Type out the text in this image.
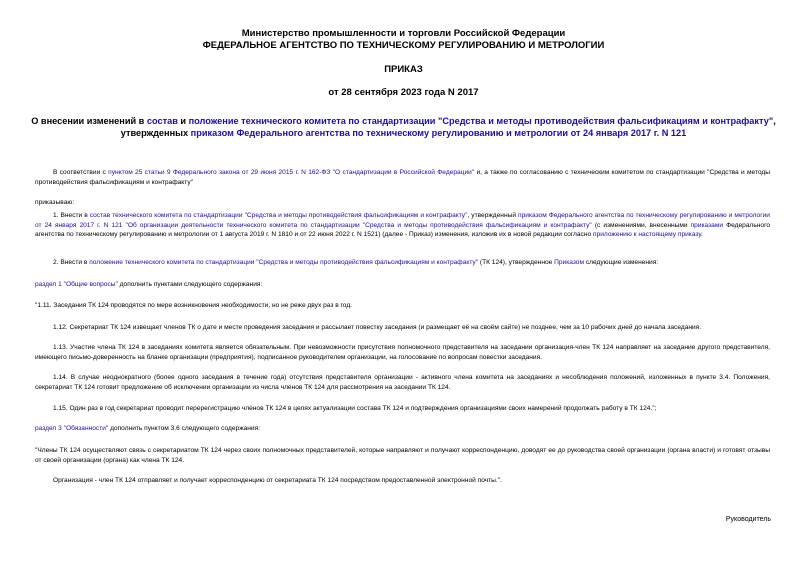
Министерство промышленности и торговли Российской Федерации
ФЕДЕРАЛЬНОЕ АГЕНТСТВО ПО ТЕХНИЧЕСКОМУ РЕГУЛИРОВАНИЮ И МЕТРОЛОГИИ
ПРИКАЗ
от 28 сентября 2023 года N 2017
О внесении изменений в состав и положение технического комитета по стандартизации "Средства и методы противодействия фальсификациям и контрафакту", утвержденных приказом Федерального агентства по техническому регулированию и метрологии от 24 января 2017 г. N 121
В соответствии с пунктом 25 статьи 9 Федерального закона от 29 июня 2015 г. N 162-ФЗ "О стандартизации в Российской Федерации" и, а также по согласованию с техническим комитетом по стандартизации "Средства и методы противодействия фальсификациям и контрафакту"
приказываю:
1. Внести в состав технического комитета по стандартизации "Средства и методы противодействия фальсификациям и контрафакту", утвержденный приказом Федерального агентства по техническому регулированию и метрологии от 24 января 2017 г. N 121 "Об организации деятельности технического комитета по стандартизации "Средства и методы противодействия фальсификациям и контрафакту" (с изменениями, внесенными приказами Федерального агентства по техническому регулированию и метрологии от 1 августа 2019 г. N 1810 и от 22 июня 2022 г. N 1521) (далее - Приказ) изменения, изложив их в новой редакции согласно приложению к настоящему приказу.
2. Внести в положение технического комитета по стандартизации "Средства и методы противодействия фальсификациям и контрафакту" (ТК 124), утвержденное Приказом следующие изменения:
раздел 1 "Общие вопросы" дополнить пунктами следующего содержания:
"1.11. Заседания ТК 124 проводятся по мере возникновения необходимости, но не реже двух раз в год.
1.12. Секретариат ТК 124 извещает членов ТК о дате и месте проведения заседания и рассылает повестку заседания (и размещает её на своём сайте) не позднее, чем за 10 рабочих дней до начала заседания.
1.13. Участие члена ТК 124 в заседаниях комитета является обязательным. При невозможности присутствия полномочного представителя на заседании организация-член ТК 124 направляет на заседание другого представителя, имеющего письмо-доверенность на бланке организации (предприятия), подписанное руководителем организации, на голосование по вопросам повестки заседания.
1.14. В случае неоднократного (более одного заседания в течение года) отсутствия представителя организации - активного члена комитета на заседаниях и несоблюдения положений, изложенных в пункте 3.4. Положения, секретариат ТК 124 готовит предложение об исключении организации из числа членов ТК 124 для рассмотрения на заседании ТК 124.
1.15. Один раз в год секретариат проводит перерегистрацию членов ТК 124 в целях актуализации состава ТК 124 и подтверждения организациями своих намерений продолжать работу в ТК 124.";
раздел 3 "Обязанности" дополнить пунктом 3.6 следующего содержания:
"Члены ТК 124 осуществляют связь с секретариатом ТК 124 через своих полномочных представителей, которые направляют и получают корреспонденцию, доводят ее до руководства своей организации (органа власти) и готовят отзывы от своей организации (органа) как члена ТК 124.
Организация - член ТК 124 отправляет и получает корреспонденцию от секретариата ТК 124 посредством предоставленной электронной почты.".
Руководитель
